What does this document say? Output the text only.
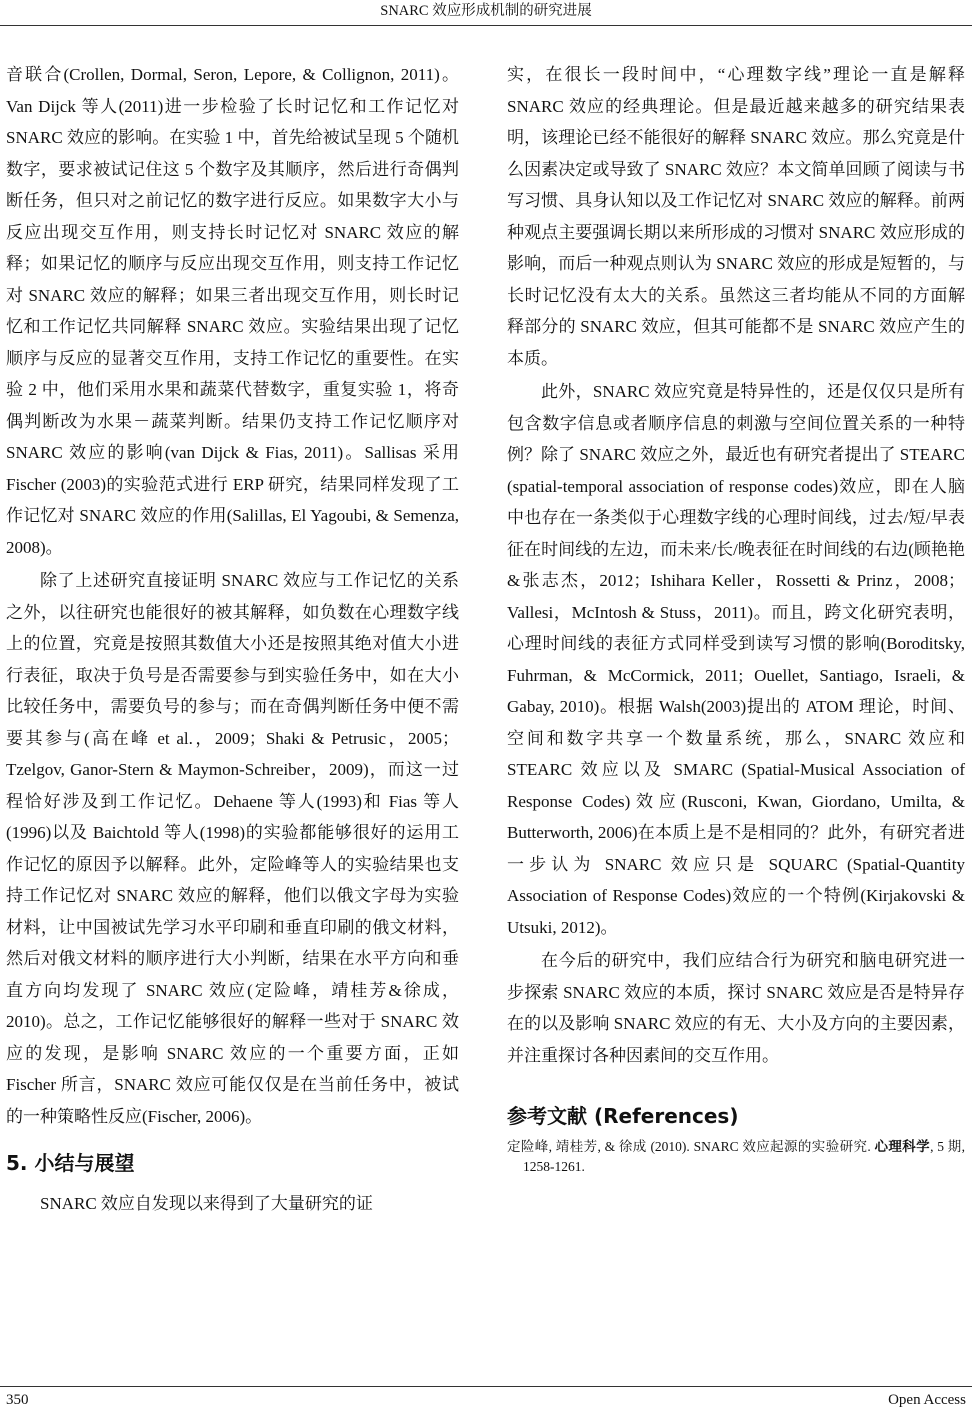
SNARC 效应形成机制的研究进展

音联合(Crollen, Dormal, Seron, Lepore, & Collignon, 2011)。Van Dijck 等人(2011)进一步检验了长时记忆和工作记忆对 SNARC 效应的影响。在实验 1 中，首先给被试呈现 5 个随机数字，要求被试记住这 5 个数字及其顺序，然后进行奇偶判断任务，但只对之前记忆的数字进行反应。如果数字大小与反应出现交互作用，则支持长时记忆对 SNARC 效应的解释；如果记忆的顺序与反应出现交互作用，则支持工作记忆对 SNARC 效应的解释；如果三者出现交互作用，则长时记忆和工作记忆共同解释 SNARC 效应。实验结果出现了记忆顺序与反应的显著交互作用，支持工作记忆的重要性。在实验 2 中，他们采用水果和蔬菜代替数字，重复实验 1，将奇偶判断改为水果－蔬菜判断。结果仍支持工作记忆顺序对 SNARC 效应的影响(van Dijck & Fias, 2011)。Sallisas 采用 Fischer (2003)的实验范式进行 ERP 研究，结果同样发现了工作记忆对 SNARC 效应的作用(Salillas, El Yagoubi, & Semenza, 2008)。

除了上述研究直接证明 SNARC 效应与工作记忆的关系之外，以往研究也能很好的被其解释，如负数在心理数字线上的位置，究竟是按照其数值大小还是按照其绝对值大小进行表征，取决于负号是否需要参与到实验任务中，如在大小比较任务中，需要负号的参与；而在奇偶判断任务中便不需要其参与(高在峰 et al.，2009；Shaki & Petrusic，2005；Tzelgov, Ganor-Stern & Maymon-Schreiber，2009)，而这一过程恰好涉及到工作记忆。Dehaene 等人(1993)和 Fias 等人(1996)以及 Baichtold 等人(1998)的实验都能够很好的运用工作记忆的原因予以解释。此外，定险峰等人的实验结果也支持工作记忆对 SNARC 效应的解释，他们以俄文字母为实验材料，让中国被试先学习水平印刷和垂直印刷的俄文材料，然后对俄文材料的顺序进行大小判断，结果在水平方向和垂直方向均发现了 SNARC 效应(定险峰，靖桂芳&徐成，2010)。总之，工作记忆能够很好的解释一些对于 SNARC 效应的发现，是影响 SNARC 效应的一个重要方面，正如 Fischer 所言，SNARC 效应可能仅仅是在当前任务中，被试的一种策略性反应(Fischer, 2006)。

5. 小结与展望

SNARC 效应自发现以来得到了大量研究的证

实，在很长一段时间中，“心理数字线”理论一直是解释 SNARC 效应的经典理论。但是最近越来越多的研究结果表明，该理论已经不能很好的解释 SNARC 效应。那么究竟是什么因素决定或导致了 SNARC 效应？本文简单回顾了阅读与书写习惯、具身认知以及工作记忆对 SNARC 效应的解释。前两种观点主要强调长期以来所形成的习惯对 SNARC 效应形成的影响，而后一种观点则认为 SNARC 效应的形成是短暂的，与长时记忆没有太大的关系。虽然这三者均能从不同的方面解释部分的 SNARC 效应，但其可能都不是 SNARC 效应产生的本质。

此外，SNARC 效应究竟是特异性的，还是仅仅只是所有包含数字信息或者顺序信息的刺激与空间位置关系的一种特例？除了 SNARC 效应之外，最近也有研究者提出了 STEARC (spatial-temporal association of response codes)效应，即在人脑中也存在一条类似于心理数字线的心理时间线，过去/短/早表征在时间线的左边，而未来/长/晚表征在时间线的右边(顾艳艳&张志杰，2012；Ishihara Keller，Rossetti & Prinz，2008；Vallesi，McIntosh & Stuss，2011)。而且，跨文化研究表明，心理时间线的表征方式同样受到读写习惯的影响(Boroditsky, Fuhrman, & McCormick, 2011; Ouellet, Santiago, Israeli, & Gabay, 2010)。根据 Walsh(2003)提出的 ATOM 理论，时间、空间和数字共享一个数量系统，那么，SNARC 效应和 STEARC 效应以及 SMARC (Spatial-Musical Association of Response Codes)效应(Rusconi, Kwan, Giordano, Umilta, & Butterworth, 2006)在本质上是不是相同的？此外，有研究者进一步认为 SNARC 效应只是 SQUARC (Spatial-Quantity Association of Response Codes)效应的一个特例(Kirjakovski & Utsuki, 2012)。

在今后的研究中，我们应结合行为研究和脑电研究进一步探索 SNARC 效应的本质，探讨 SNARC 效应是否是特异存在的以及影响 SNARC 效应的有无、大小及方向的主要因素，并注重探讨各种因素间的交互作用。

参考文献 (References)
定险峰, 靖桂芳, & 徐成 (2010). SNARC 效应起源的实验研究. 心理科学, 5 期, 1258-1261.
350	Open Access
